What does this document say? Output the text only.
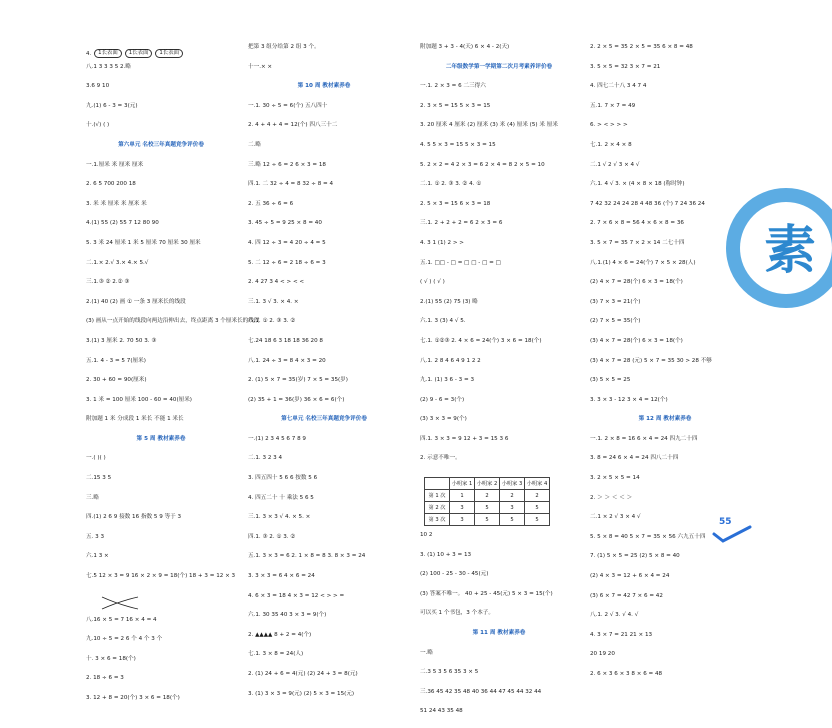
4.	1长表面	1长表面	1长表面
八.1 3 3 3 5 2.略
3.6 9 10
九.(1) 6 - 3 = 3(元)
十.(√) ( )
第六单元 名校三年真题竞争评价卷
一.1.厘米 米 厘米 厘米
2. 6 5 700 200 18
3. 米 米 厘米 米 厘米 米
4.(1) 55 (2) 55 7 12 80 90
5. 3 米 24 厘米 1 米 5 厘米 70 厘米 30 厘米
二.1.× 2.√ 3.× 4.× 5.√
三.1.③ ② 2.② ③
2.(1) 40 (2) 画 ① 一条 3 厘米长的线段
(3) 画从一点开始的线段向两边沿伸出去，终点距离 3 个厘米长的线段
3.(1) 3 厘米 2. 70 50 3. ③
五.1. 4 - 3 = 5 7(厘米)
2. 30 + 60 = 90(厘米)
3. 1 米 = 100 厘米 100 - 60 = 40(厘米)
附加题 1 米 分成段 1 米长 不能 1 米长
第 5 周 教材素养卷
一.( )( )
二.15 3 5
三.略
四.(1) 2 6 9 接数 16 指数 5 9 等于 3
五. 3 3
六.1 3 ×
七.5 12 × 3 = 9 16 × 2 × 9 = 18(个) 18 + 3 = 12 × 3
八.16 × 5 = 7 16 × 4 = 4
九.10 ÷ 5 = 2 6 个 4 个 3 个
十. 3 × 6 = 18(个)
2. 18 ÷ 6 = 3
3. 12 + 8 = 20(个) 3 × 6 = 18(个)
把第 3 组分给第 2 组 3 个。
十一.× ×
第 10 周 教材素养卷
一.1. 30 ÷ 5 = 6(个) 五八四十
2. 4 + 4 + 4 = 12(个) 四八三十二
二.略
三.略 12 ÷ 6 = 2 6 × 3 = 18
四.1. 二 32 ÷ 4 = 8 32 ÷ 8 = 4
2. 五 36 ÷ 6 = 6
3. 45 ÷ 5 = 9 25 × 8 = 40
4. 四 12 ÷ 3 = 4 20 ÷ 4 = 5
5. 二 12 ÷ 6 = 2 18 ÷ 6 = 3
2. 4 27 3 4 < > < <
三.1. 3 √ 3. × 4. ×
六.1. ① 2. ③ 3. ②
七.24 18 6 3 18 18 36 20 8
八.1. 24 ÷ 3 = 8 4 × 3 = 20
2. (1) 5 × 7 = 35(岁) 7 × 5 = 35(岁)
(2) 35 + 1 = 36(岁) 36 × 6 = 6(个)
第七单元 名校三年真题竞争评价卷
一.(1) 2 3 4 5 6 7 8 9
二.1. 3 2 3 4
3. 四五四十 5 6 6 按数 5 6
4. 四五二十 十 乘法 5 6 5
三.1. 3 × 3 √ 4. × 5. ×
四.1. ③ 2. ① 3. ②
五.1. 3 × 3 = 6 2. 1 × 8 = 8 3. 8 × 3 = 24
3. 3 × 3 = 6 4 × 6 = 24
4. 6 × 3 = 18 4 × 3 = 12 < > > =
六.1. 30 35 40 3 × 3 = 9(个)
2. ▲▲▲▲ 8 + 2 = 4(个)
七.1. 3 × 8 = 24(人)
2. (1) 24 + 6 = 4(元) (2) 24 + 3 = 8(元)
3. (1) 3 × 3 = 9(元) (2) 5 × 3 = 15(元)
附加题 3 + 3 - 4(天) 6 × 4 - 2(天)
二年级数学第一学期第二次月考素养评价卷
一.1. 2 × 3 = 6 二三得六
2. 3 × 5 = 15 5 × 3 = 15
3. 20 厘米 4 厘米 (2) 厘米 (3) 米 (4) 厘米 (5) 米 厘米
4. 5 5 × 3 = 15 5 × 3 = 15
5. 2 × 2 = 4 2 × 3 = 6 2 × 4 = 8 2 × 5 = 10
二.1. ① 2. ③ 3. ② 4. ①
2. 5 × 3 = 15 6 × 3 = 18
三.1. 2 + 2 + 2 = 6 2 × 3 = 6
4. 3 1 (1) 2 > >
五.1. □□ - □ = □ □ - □ = □
( √ ) ( √ )
2.(1) 55 (2) 75 (3) 略
六.1. 3 (3) 4 √ 5.
七.1. ①②③ 2. 4 × 6 = 24(个) 3 × 6 = 18(个)
八.1. 2 8 4 6 4 9 1 2 2
九.1. (1) 3 6 - 3 = 3
(2) 9 - 6 = 3(个)
(3) 3 × 3 = 9(个)
四.1. 3 × 3 = 9 12 + 3 = 15 3 6
2. 示意不唯一。
	小明家 1	小明家 2	小明家 3	小明家 4
第 1 次	1	2	2	2
第 2 次	3	5	3	5
第 3 次	3	5	5	5
10 2
3. (1) 10 + 3 = 13
(2) 100 - 25 - 30 - 45(元)
(3) 答案不唯一。 40 + 25 - 45(元) 5 × 3 = 15(个)
可以买 1 个书包，3 个本子。
第 11 周 教材素养卷
一.略
二.3 5 3 5 6 35 3 × 5
三.36 45 42 35 48 40 36 44 47 45 44 32 44
51 24 43 35 48
2. 2 × 5 = 35 2 × 5 = 35 6 × 8 = 48
3. 5 × 5 = 32 3 × 7 = 21
4. 四七二十八 3 4 7 4
五.1. 7 × 7 = 49
6. > < > > >
七.1. 2 × 4 × 8
二.1 √ 2 √ 3 × 4 √
六.1. 4 √ 3. × (4 × 8 × 18 (称时钟)
7 42 32 24 24 28 4 48 36 (个) 7 24 36 24
2. 7 × 6 × 8 = 56 4 × 6 × 8 = 36
3. 5 × 7 = 35 7 × 2 × 14 二七十四
八.1.(1) 4 × 6 = 24(个) 7 × 5 × 28(人)
(2) 4 × 7 = 28(个) 6 × 3 = 18(个)
(3) 7 × 3 = 21(个)
(2) 7 × 5 = 35(个)
(3) 4 × 7 = 28(个) 6 × 3 = 18(个)
(3) 4 × 7 = 28 (元) 5 × 7 = 35 30 > 28 不够
(3) 5 × 5 = 25
3. 3 × 3 - 12 3 × 4 = 12(个)
第 12 周 教材素养卷
一.1. 2 × 8 = 16 6 × 4 = 24 四九二十四
3. 8 = 24 6 × 4 = 24 四八二十四
3. 2 × 5 × 5 = 14
2. ＞ ＞ ＜ ＜ ＞
二.1 × 2 √ 3 × 4 √
5. 5 × 8 = 40 5 × 7 = 35 × 56 六九五十四
7. (1) 5 × 5 = 25 (2) 5 × 8 = 40
(2) 4 × 3 = 12 + 6 × 4 = 24
(3) 6 × 7 = 42 7 × 6 = 42
八.1. 2 √ 3. √ 4. √
4. 3 × 7 = 21 21 × 13
20 19 20
2. 6 × 3 6 × 3 8 × 6 = 48
素
55
